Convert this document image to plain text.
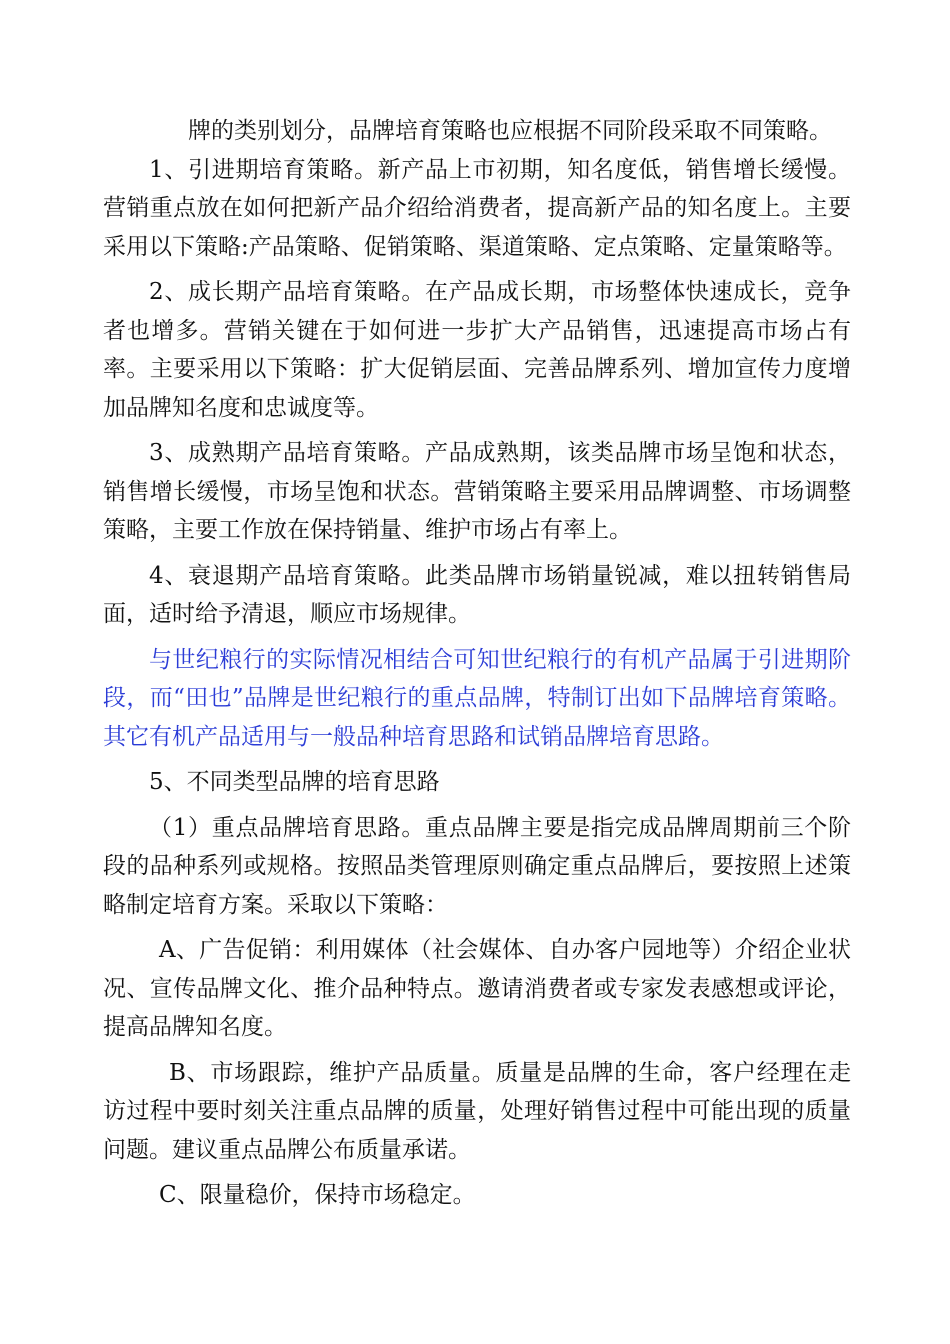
牌的类别划分，品牌培育策略也应根据不同阶段采取不同策略。

1、引进期培育策略。新产品上市初期，知名度低，销售增长缓慢。营销重点放在如何把新产品介绍给消费者，提高新产品的知名度上。主要采用以下策略:产品策略、促销策略、渠道策略、定点策略、定量策略等。

2、成长期产品培育策略。在产品成长期，市场整体快速成长，竞争者也增多。营销关键在于如何进一步扩大产品销售，迅速提高市场占有率。主要采用以下策略：扩大促销层面、完善品牌系列、增加宣传力度增加品牌知名度和忠诚度等。

3、成熟期产品培育策略。产品成熟期，该类品牌市场呈饱和状态，销售增长缓慢，市场呈饱和状态。营销策略主要采用品牌调整、市场调整策略，主要工作放在保持销量、维护市场占有率上。

4、衰退期产品培育策略。此类品牌市场销量锐减，难以扭转销售局面，适时给予清退，顺应市场规律。

与世纪粮行的实际情况相结合可知世纪粮行的有机产品属于引进期阶段，而“田也”品牌是世纪粮行的重点品牌，特制订出如下品牌培育策略。其它有机产品适用与一般品种培育思路和试销品牌培育思路。

5、不同类型品牌的培育思路

（1）重点品牌培育思路。重点品牌主要是指完成品牌周期前三个阶段的品种系列或规格。按照品类管理原则确定重点品牌后，要按照上述策略制定培育方案。采取以下策略：

A、广告促销：利用媒体（社会媒体、自办客户园地等）介绍企业状况、宣传品牌文化、推介品种特点。邀请消费者或专家发表感想或评论，提高品牌知名度。

B、市场跟踪，维护产品质量。质量是品牌的生命，客户经理在走访过程中要时刻关注重点品牌的质量，处理好销售过程中可能出现的质量问题。建议重点品牌公布质量承诺。

C、限量稳价，保持市场稳定。
